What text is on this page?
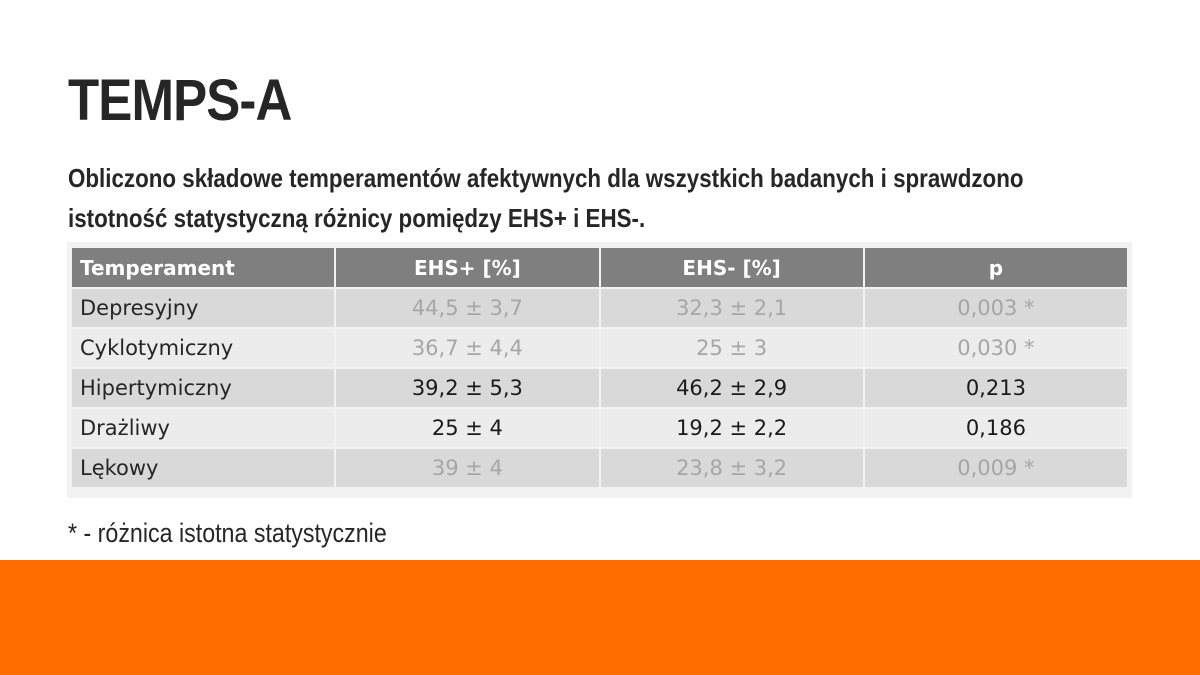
TEMPS-A
Obliczono składowe temperamentów afektywnych dla wszystkich badanych i sprawdzono
istotność statystyczną różnicy pomiędzy EHS+ i EHS-.
Temperament	EHS+ [%]	EHS- [%]	p
Depresyjny	44,5 ± 3,7	32,3 ± 2,1	0,003 *
Cyklotymiczny	36,7 ± 4,4	25 ± 3	0,030 *
Hipertymiczny	39,2 ± 5,3	46,2 ± 2,9	0,213
Drażliwy	25 ± 4	19,2 ± 2,2	0,186
Lękowy	39 ± 4	23,8 ± 3,2	0,009 *
* - różnica istotna statystycznie
